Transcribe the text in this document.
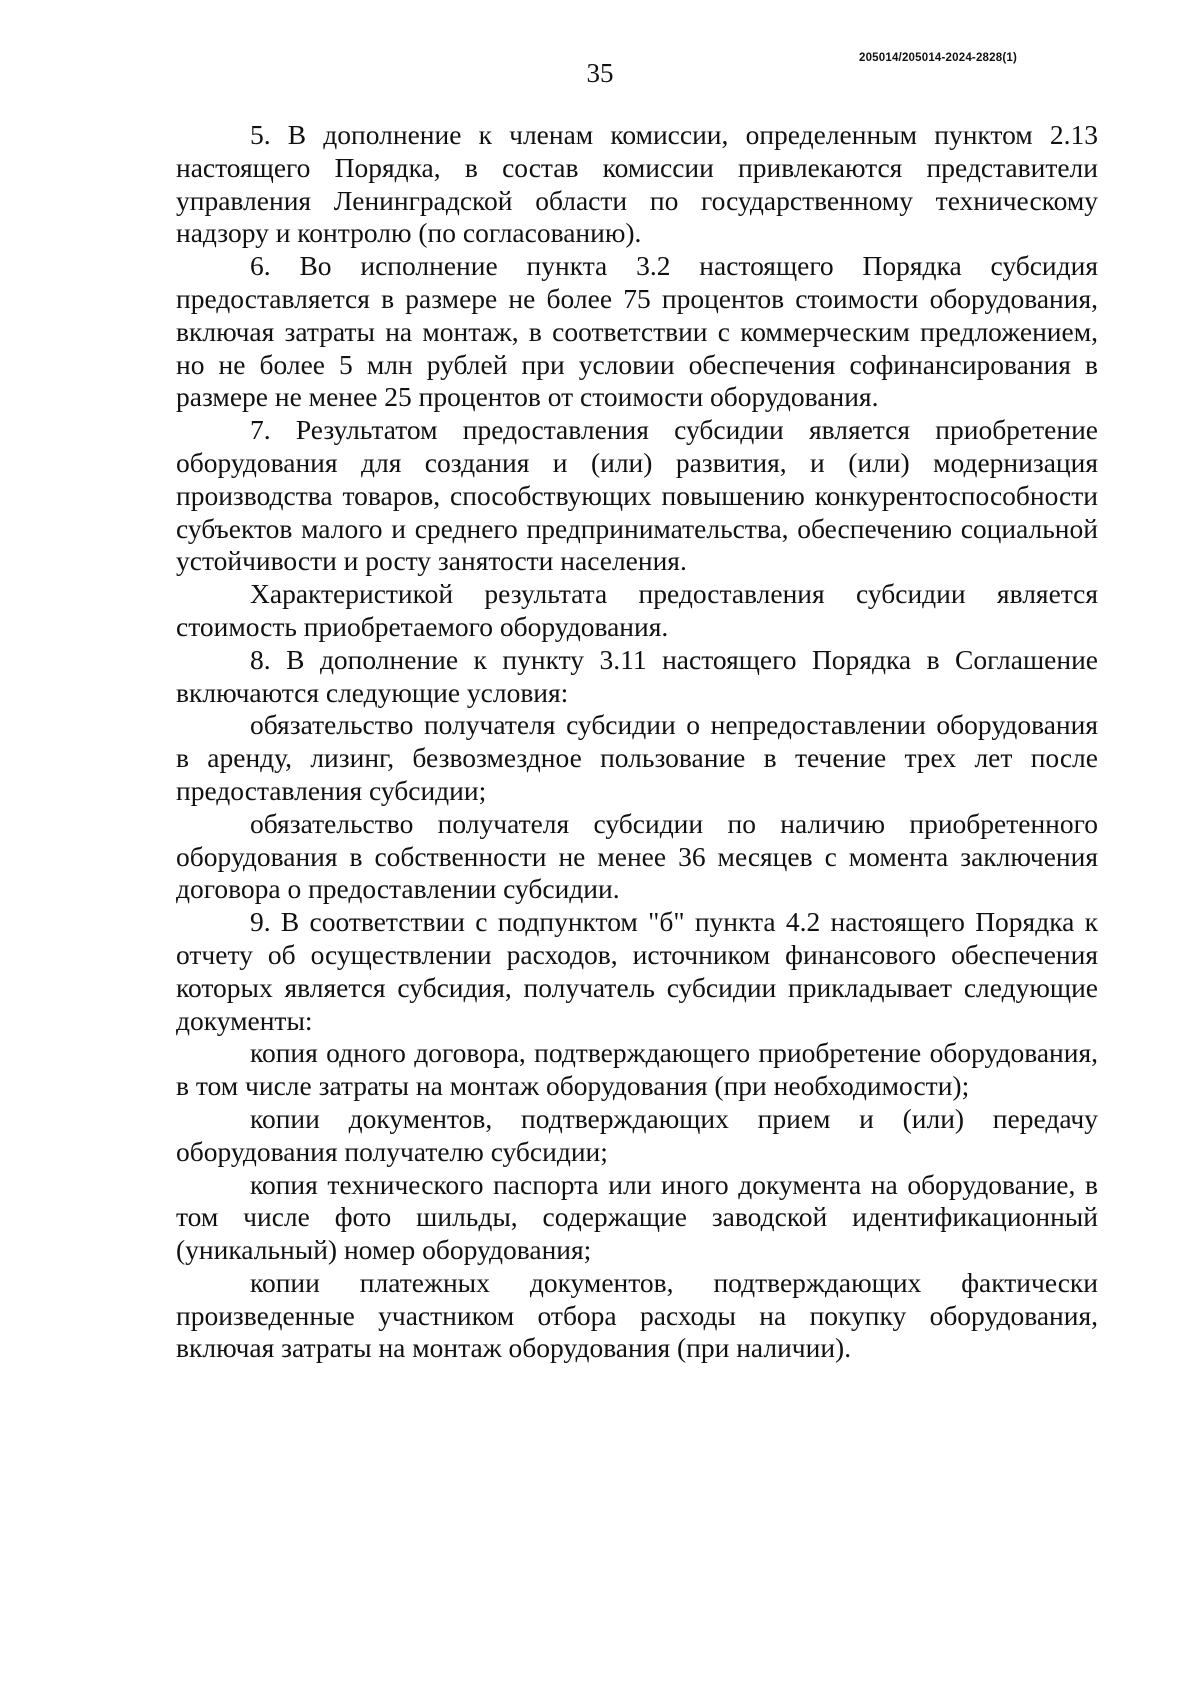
35	205014/205014-2024-2828(1)

5. В дополнение к членам комиссии, определенным пунктом 2.13 настоящего Порядка, в состав комиссии привлекаются представители управления Ленинградской области по государственному техническому надзору и контролю (по согласованию).

6. Во исполнение пункта 3.2 настоящего Порядка субсидия предоставляется в размере не более 75 процентов стоимости оборудования, включая затраты на монтаж, в соответствии с коммерческим предложением, но не более 5 млн рублей при условии обеспечения софинансирования в размере не менее 25 процентов от стоимости оборудования.

7. Результатом предоставления субсидии является приобретение оборудования для создания и (или) развития, и (или) модернизация производства товаров, способствующих повышению конкурентоспособности субъектов малого и среднего предпринимательства, обеспечению социальной устойчивости и росту занятости населения.

Характеристикой результата предоставления субсидии является стоимость приобретаемого оборудования.

8. В дополнение к пункту 3.11 настоящего Порядка в Соглашение включаются следующие условия:

обязательство получателя субсидии о непредоставлении оборудования в аренду, лизинг, безвозмездное пользование в течение трех лет после предоставления субсидии;

обязательство получателя субсидии по наличию приобретенного оборудования в собственности не менее 36 месяцев с момента заключения договора о предоставлении субсидии.

9. В соответствии с подпунктом "б" пункта 4.2 настоящего Порядка к отчету об осуществлении расходов, источником финансового обеспечения которых является субсидия, получатель субсидии прикладывает следующие документы:

копия одного договора, подтверждающего приобретение оборудования, в том числе затраты на монтаж оборудования (при необходимости);

копии документов, подтверждающих прием и (или) передачу оборудования получателю субсидии;

копия технического паспорта или иного документа на оборудование, в том числе фото шильды, содержащие заводской идентификационный (уникальный) номер оборудования;

копии платежных документов, подтверждающих фактически произведенные участником отбора расходы на покупку оборудования, включая затраты на монтаж оборудования (при наличии).
